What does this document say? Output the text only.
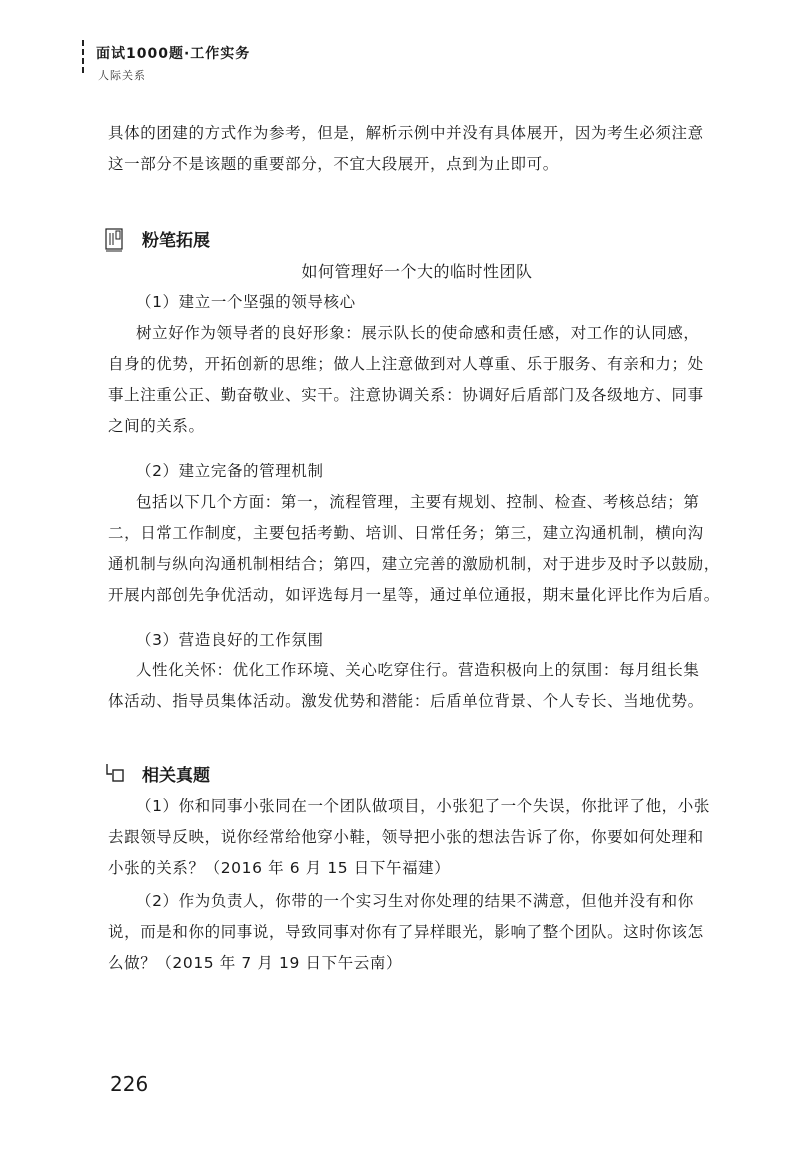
面试1000题·工作实务
人际关系
具体的团建的方式作为参考，但是，解析示例中并没有具体展开，因为考生必须注意
这一部分不是该题的重要部分，不宜大段展开，点到为止即可。
粉笔拓展
如何管理好一个大的临时性团队
（1）建立一个坚强的领导核心
树立好作为领导者的良好形象：展示队长的使命感和责任感，对工作的认同感，
自身的优势，开拓创新的思维；做人上注意做到对人尊重、乐于服务、有亲和力；处
事上注重公正、勤奋敬业、实干。注意协调关系：协调好后盾部门及各级地方、同事
之间的关系。
（2）建立完备的管理机制
包括以下几个方面：第一，流程管理，主要有规划、控制、检查、考核总结；第
二，日常工作制度，主要包括考勤、培训、日常任务；第三，建立沟通机制，横向沟
通机制与纵向沟通机制相结合；第四，建立完善的激励机制，对于进步及时予以鼓励，
开展内部创先争优活动，如评选每月一星等，通过单位通报，期末量化评比作为后盾。
（3）营造良好的工作氛围
人性化关怀：优化工作环境、关心吃穿住行。营造积极向上的氛围：每月组长集
体活动、指导员集体活动。激发优势和潜能：后盾单位背景、个人专长、当地优势。
相关真题
（1）你和同事小张同在一个团队做项目，小张犯了一个失误，你批评了他，小张
去跟领导反映，说你经常给他穿小鞋，领导把小张的想法告诉了你，你要如何处理和
小张的关系？（2016 年 6 月 15 日下午福建）
（2）作为负责人，你带的一个实习生对你处理的结果不满意，但他并没有和你
说，而是和你的同事说，导致同事对你有了异样眼光，影响了整个团队。这时你该怎
么做？（2015 年 7 月 19 日下午云南）
226
